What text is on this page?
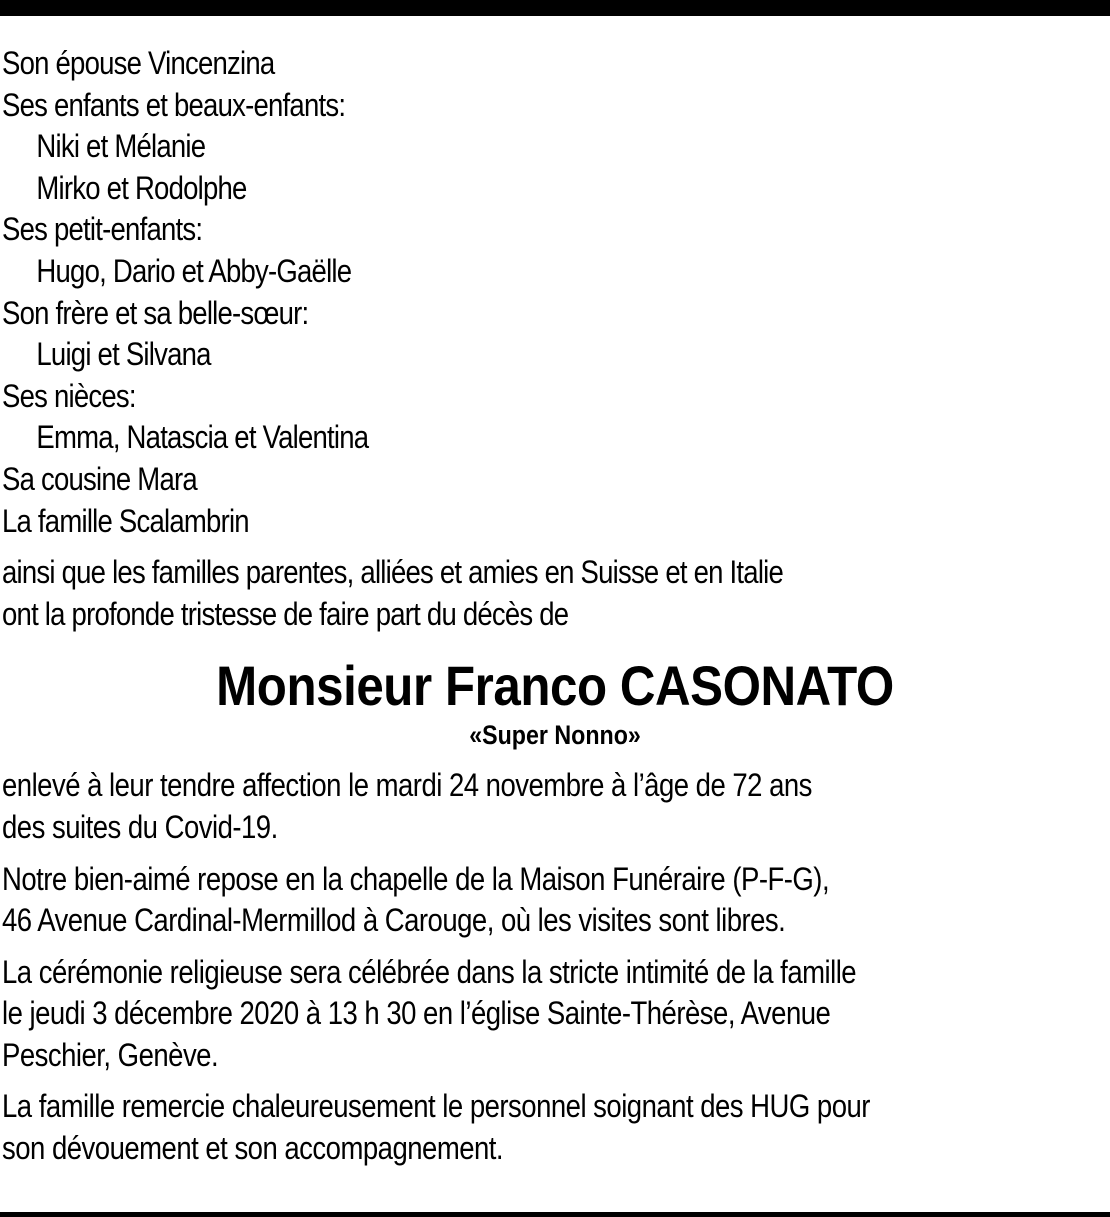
Son épouse Vincenzina
Ses enfants et beaux-enfants:
Niki et Mélanie
Mirko et Rodolphe
Ses petit-enfants:
Hugo, Dario et Abby-Gaëlle
Son frère et sa belle-sœur:
Luigi et Silvana
Ses nièces:
Emma, Natascia et Valentina
Sa cousine Mara
La famille Scalambrin
ainsi que les familles parentes, alliées et amies en Suisse et en Italie
ont la profonde tristesse de faire part du décès de
Monsieur Franco CASONATO
«Super Nonno»
enlevé à leur tendre affection le mardi 24 novembre à l’âge de 72 ans
des suites du Covid-19.
Notre bien-aimé repose en la chapelle de la Maison Funéraire (P-F-G),
46 Avenue Cardinal-Mermillod à Carouge, où les visites sont libres.
La cérémonie religieuse sera célébrée dans la stricte intimité de la famille
le jeudi 3 décembre 2020 à 13 h 30 en l’église Sainte-Thérèse, Avenue
Peschier, Genève.
La famille remercie chaleureusement le personnel soignant des HUG pour
son dévouement et son accompagnement.
